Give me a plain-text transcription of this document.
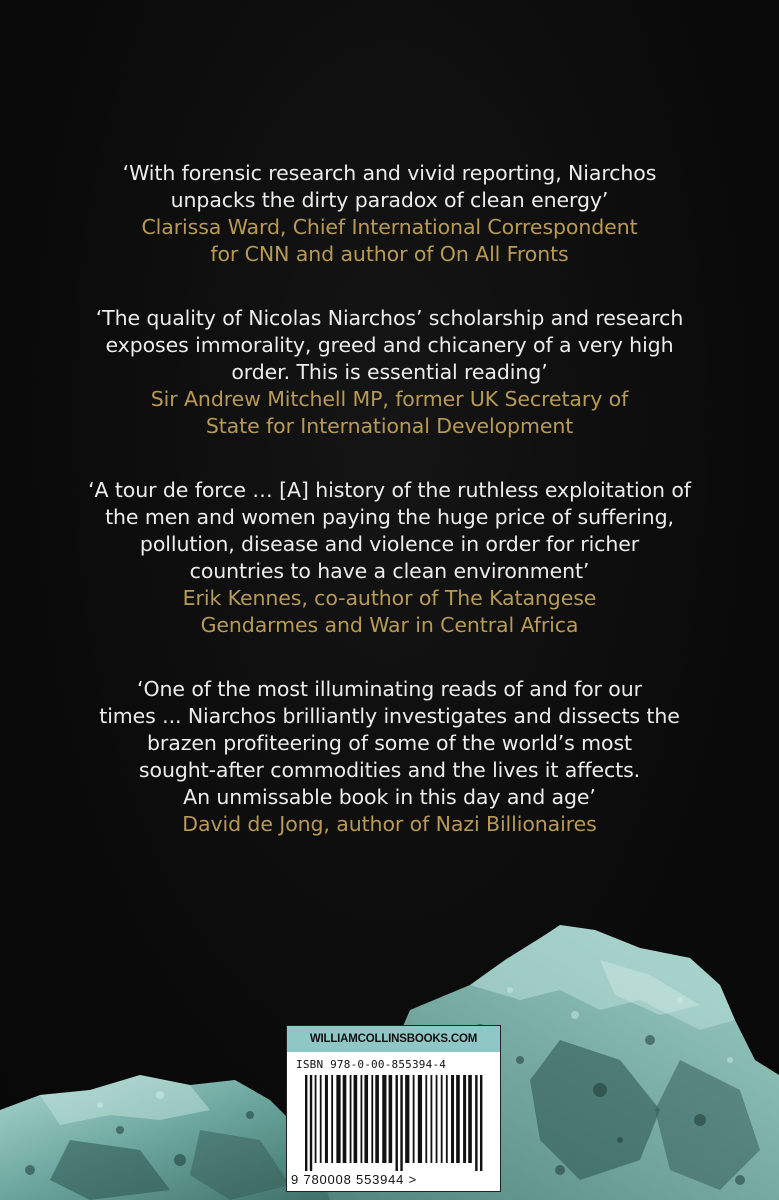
‘With forensic research and vivid reporting, Niarchos
unpacks the dirty paradox of clean energy’
Clarissa Ward, Chief International Correspondent
for CNN and author of On All Fronts
‘The quality of Nicolas Niarchos’ scholarship and research
exposes immorality, greed and chicanery of a very high
order. This is essential reading’
Sir Andrew Mitchell MP, former UK Secretary of
State for International Development
‘A tour de force … [A] history of the ruthless exploitation of
the men and women paying the huge price of suffering,
pollution, disease and violence in order for richer
countries to have a clean environment’
Erik Kennes, co-author of The Katangese
Gendarmes and War in Central Africa
‘One of the most illuminating reads of and for our
times ... Niarchos brilliantly investigates and dissects the
brazen profiteering of some of the world’s most
sought-after commodities and the lives it affects.
An unmissable book in this day and age’
David de Jong, author of Nazi Billionaires
WILLIAMCOLLINSBOOKS.COM
ISBN 978-0-00-855394-4
9 780008 553944 >
